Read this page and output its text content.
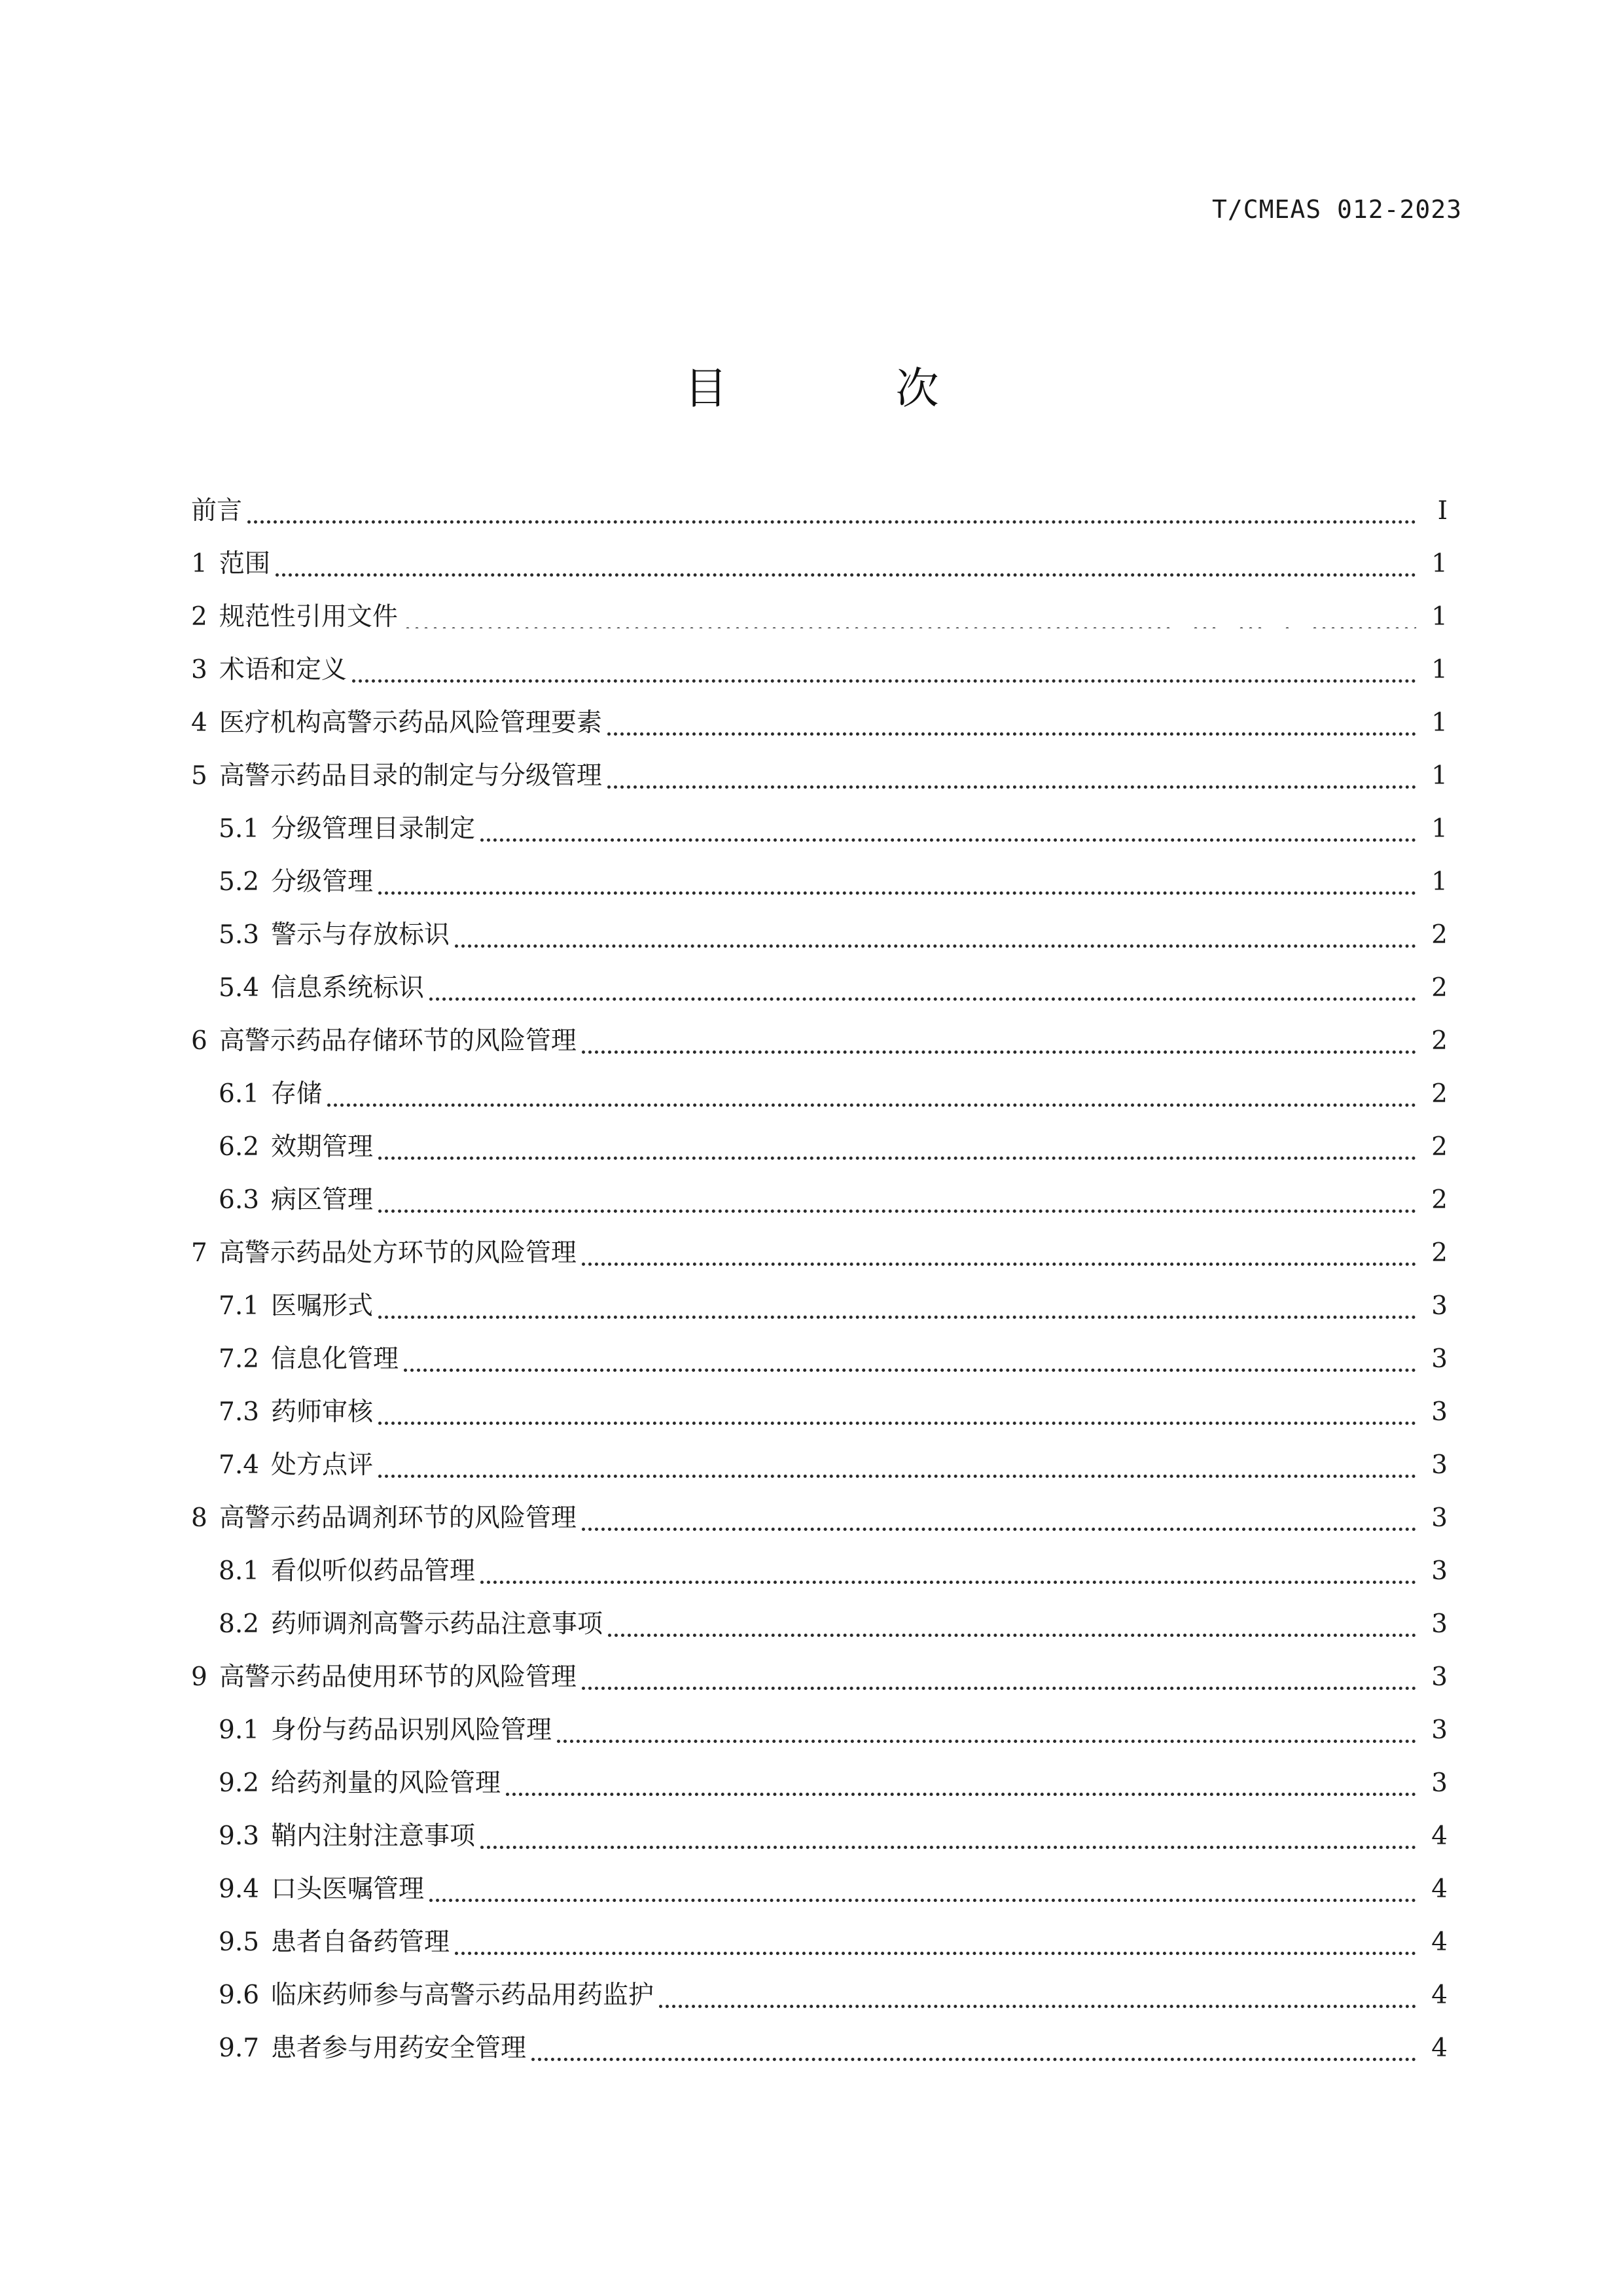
T/CMEAS 012-2023
目 次
前言	I
1 范围	1
2 规范性引用文件	1
3 术语和定义	1
4 医疗机构高警示药品风险管理要素	1
5 高警示药品目录的制定与分级管理	1
5.1 分级管理目录制定	1
5.2 分级管理	1
5.3 警示与存放标识	2
5.4 信息系统标识	2
6 高警示药品存储环节的风险管理	2
6.1 存储	2
6.2 效期管理	2
6.3 病区管理	2
7 高警示药品处方环节的风险管理	2
7.1 医嘱形式	3
7.2 信息化管理	3
7.3 药师审核	3
7.4 处方点评	3
8 高警示药品调剂环节的风险管理	3
8.1 看似听似药品管理	3
8.2 药师调剂高警示药品注意事项	3
9 高警示药品使用环节的风险管理	3
9.1 身份与药品识别风险管理	3
9.2 给药剂量的风险管理	3
9.3 鞘内注射注意事项	4
9.4 口头医嘱管理	4
9.5 患者自备药管理	4
9.6 临床药师参与高警示药品用药监护	4
9.7 患者参与用药安全管理	4
